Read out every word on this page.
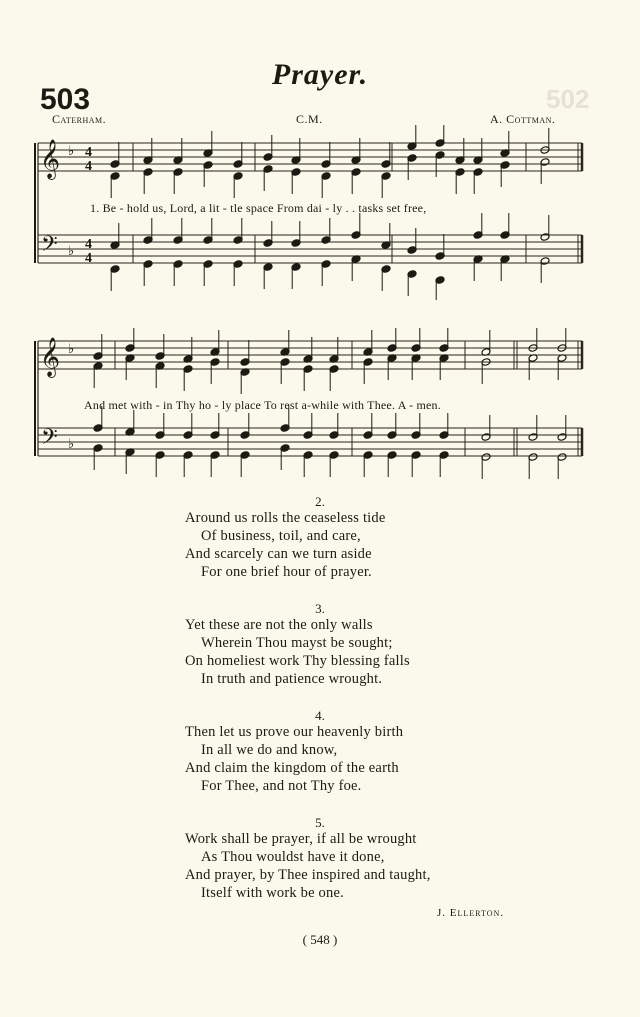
502
Prayer.
503
Caterham.	C.M.	A. Cottman.
𝄞
𝄢
♭
♭
4
4
4
4
1. Be - hold us, Lord, a lit - tle space From dai - ly . . tasks set free,
𝄞
𝄢
♭
♭
And met with - in Thy ho - ly place To rest a-while with Thee. A - men.
2.
Around us rolls the ceaseless tide
Of business, toil, and care,
And scarcely can we turn aside
For one brief hour of prayer.
3.
Yet these are not the only walls
Wherein Thou mayst be sought;
On homeliest work Thy blessing falls
In truth and patience wrought.
4.
Then let us prove our heavenly birth
In all we do and know,
And claim the kingdom of the earth
For Thee, and not Thy foe.
5.
Work shall be prayer, if all be wrought
As Thou wouldst have it done,
And prayer, by Thee inspired and taught,
Itself with work be one.
J. Ellerton.
( 548 )
